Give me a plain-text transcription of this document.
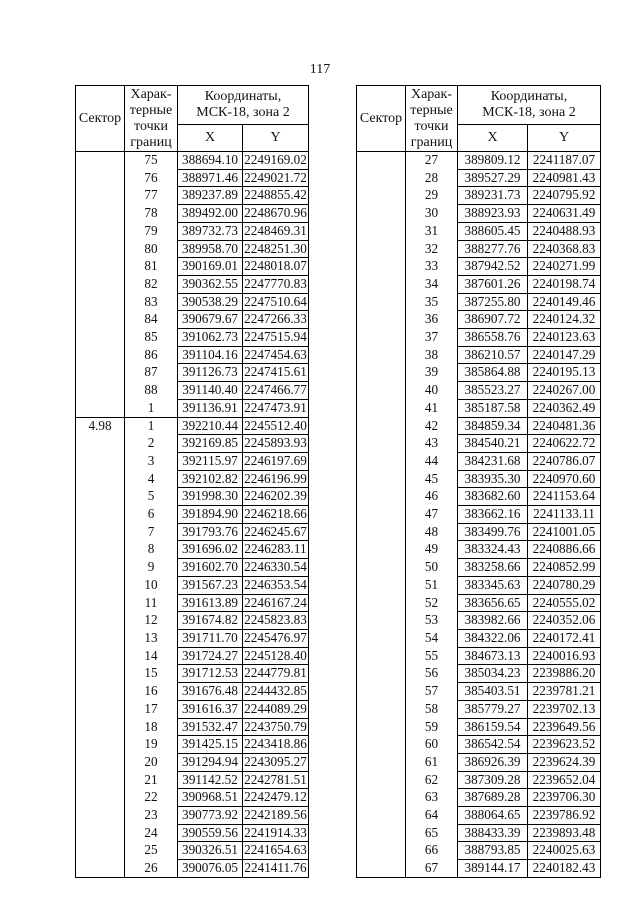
117
Сектор	Харак-
терные
точки
границ	Координаты,
МСК-18, зона 2	
		X	Y
	75	388694.10	2249169.02
	76	388971.46	2249021.72
	77	389237.89	2248855.42
	78	389492.00	2248670.96
	79	389732.73	2248469.31
	80	389958.70	2248251.30
	81	390169.01	2248018.07
	82	390362.55	2247770.83
	83	390538.29	2247510.64
	84	390679.67	2247266.33
	85	391062.73	2247515.94
	86	391104.16	2247454.63
	87	391126.73	2247415.61
	88	391140.40	2247466.77
	1	391136.91	2247473.91
4.98	1	392210.44	2245512.40
	2	392169.85	2245893.93
	3	392115.97	2246197.69
	4	392102.82	2246196.99
	5	391998.30	2246202.39
	6	391894.90	2246218.66
	7	391793.76	2246245.67
	8	391696.02	2246283.11
	9	391602.70	2246330.54
	10	391567.23	2246353.54
	11	391613.89	2246167.24
	12	391674.82	2245823.83
	13	391711.70	2245476.97
	14	391724.27	2245128.40
	15	391712.53	2244779.81
	16	391676.48	2244432.85
	17	391616.37	2244089.29
	18	391532.47	2243750.79
	19	391425.15	2243418.86
	20	391294.94	2243095.27
	21	391142.52	2242781.51
	22	390968.51	2242479.12
	23	390773.92	2242189.56
	24	390559.56	2241914.33
	25	390326.51	2241654.63
	26	390076.05	2241411.76
Сектор	Харак-
терные
точки
границ	Координаты,
МСК-18, зона 2	
		X	Y
	27	389809.12	2241187.07
	28	389527.29	2240981.43
	29	389231.73	2240795.92
	30	388923.93	2240631.49
	31	388605.45	2240488.93
	32	388277.76	2240368.83
	33	387942.52	2240271.99
	34	387601.26	2240198.74
	35	387255.80	2240149.46
	36	386907.72	2240124.32
	37	386558.76	2240123.63
	38	386210.57	2240147.29
	39	385864.88	2240195.13
	40	385523.27	2240267.00
	41	385187.58	2240362.49
	42	384859.34	2240481.36
	43	384540.21	2240622.72
	44	384231.68	2240786.07
	45	383935.30	2240970.60
	46	383682.60	2241153.64
	47	383662.16	2241133.11
	48	383499.76	2241001.05
	49	383324.43	2240886.66
	50	383258.66	2240852.99
	51	383345.63	2240780.29
	52	383656.65	2240555.02
	53	383982.66	2240352.06
	54	384322.06	2240172.41
	55	384673.13	2240016.93
	56	385034.23	2239886.20
	57	385403.51	2239781.21
	58	385779.27	2239702.13
	59	386159.54	2239649.56
	60	386542.54	2239623.52
	61	386926.39	2239624.39
	62	387309.28	2239652.04
	63	387689.28	2239706.30
	64	388064.65	2239786.92
	65	388433.39	2239893.48
	66	388793.85	2240025.63
	67	389144.17	2240182.43
